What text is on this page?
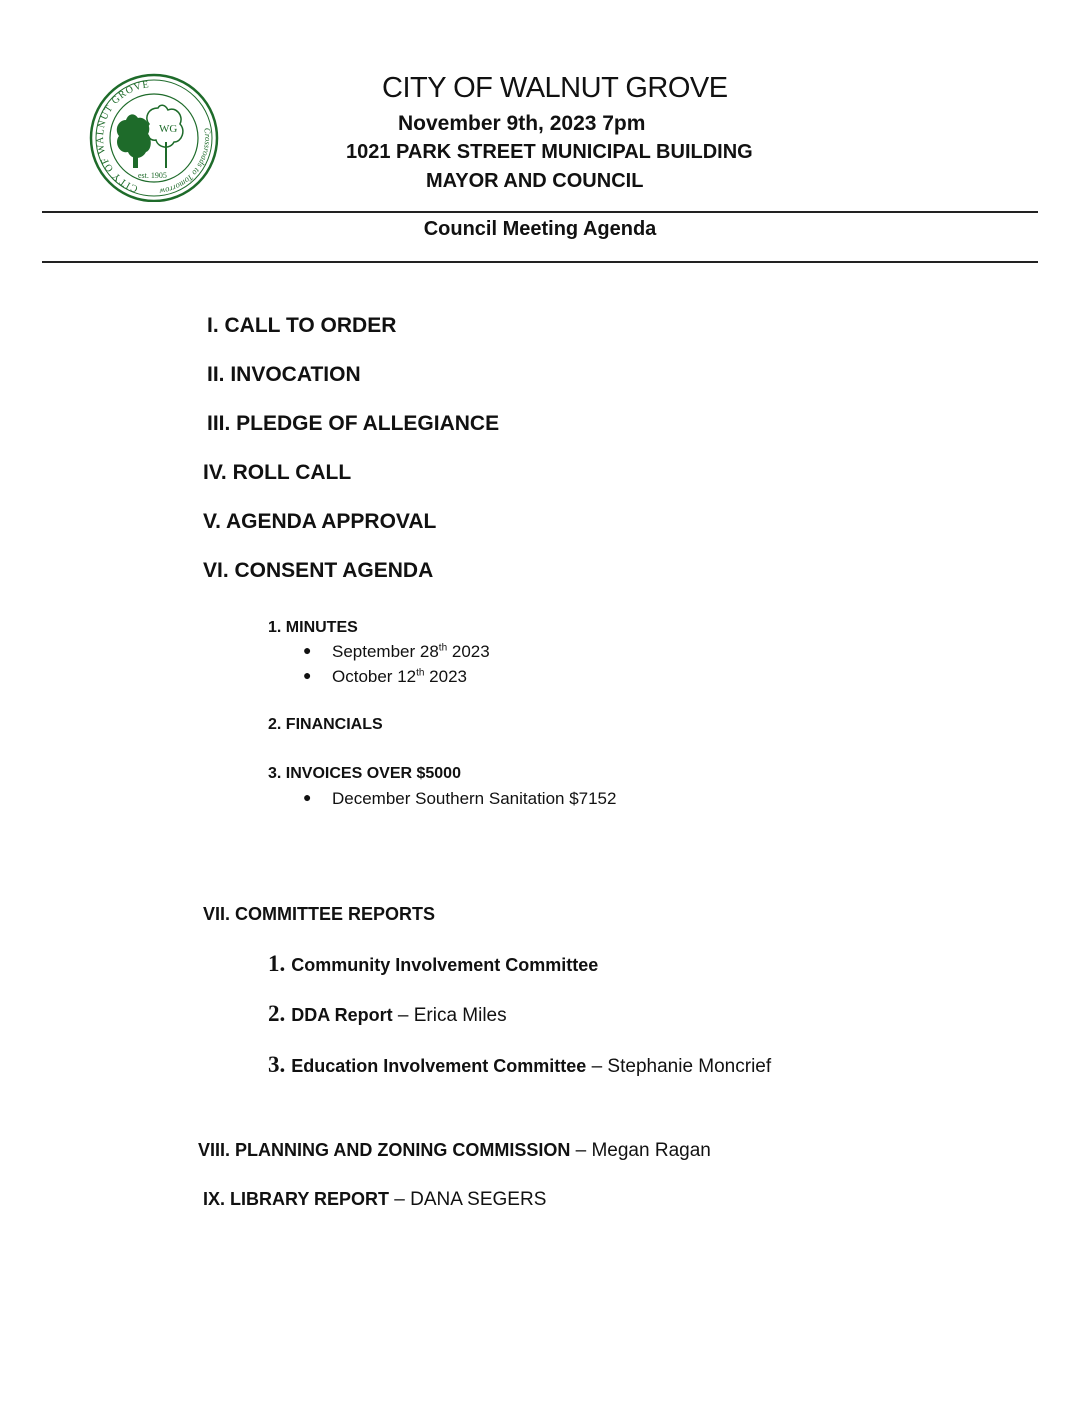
CITY OF WALNUT GROVE
Crossroads to Tomorrow
WG
est. 1905
CITY OF WALNUT GROVE
November 9th, 2023 7pm
1021 PARK STREET MUNICIPAL BUILDING
MAYOR AND COUNCIL
Council Meeting Agenda
I. CALL TO ORDER
II. INVOCATION
III. PLEDGE OF ALLEGIANCE
IV. ROLL CALL
V. AGENDA APPROVAL
VI. CONSENT AGENDA
1. MINUTES
● September 28th 2023
● October 12th 2023
2. FINANCIALS
3. INVOICES OVER $5000
● December Southern Sanitation $7152
VII. COMMITTEE REPORTS
1. Community Involvement Committee
2. DDA Report – Erica Miles
3. Education Involvement Committee – Stephanie Moncrief
VIII. PLANNING AND ZONING COMMISSION – Megan Ragan
IX. LIBRARY REPORT – DANA SEGERS
